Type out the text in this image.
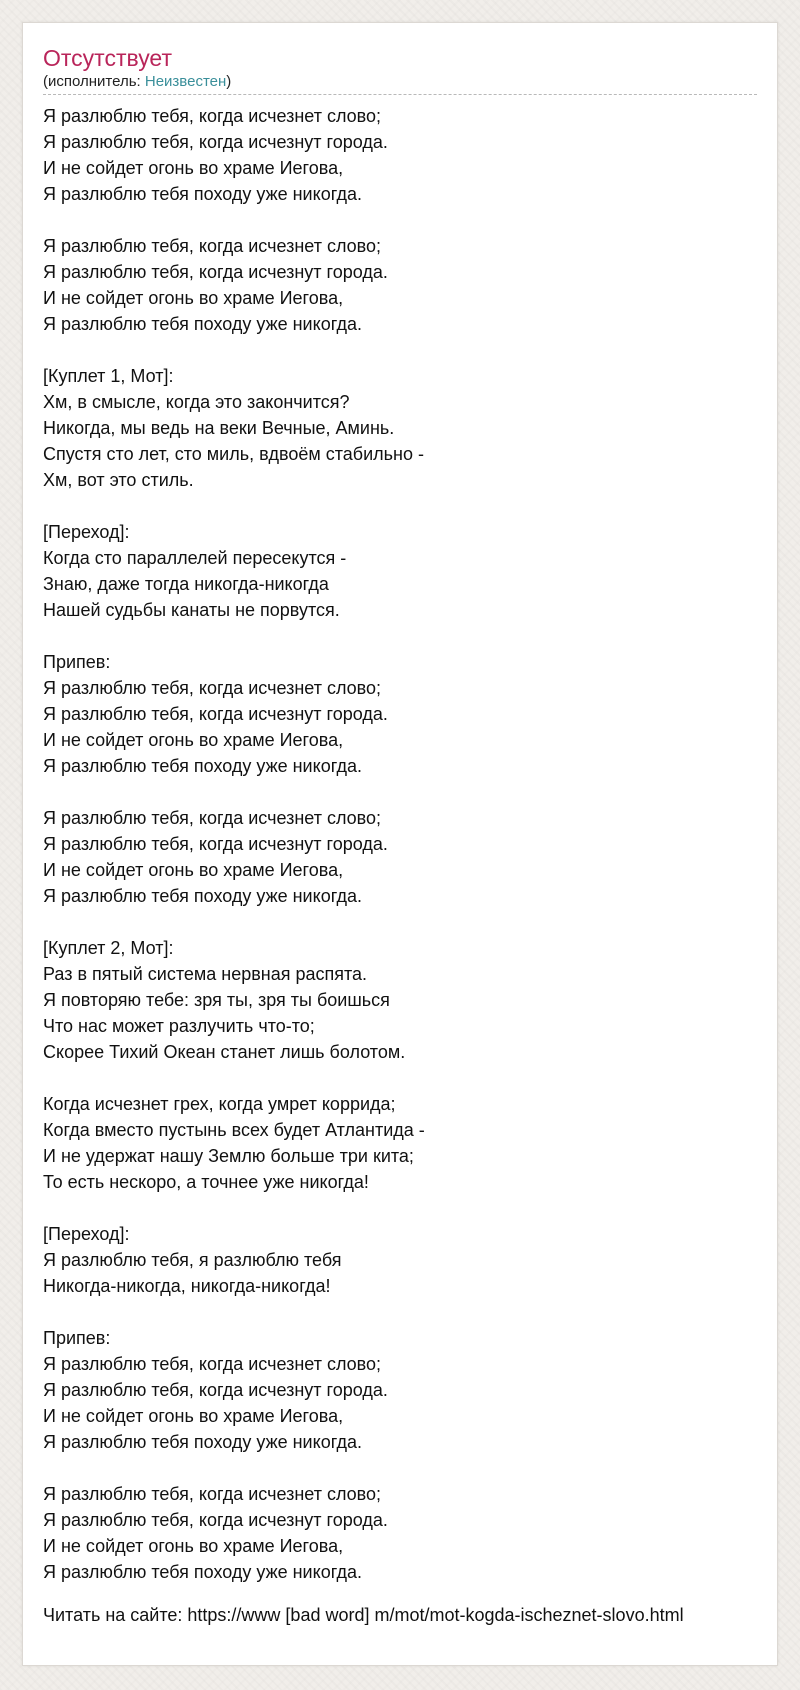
Отсутствует
(исполнитель: Неизвестен)
Я разлюблю тебя, когда исчезнет слово;
Я разлюблю тебя, когда исчезнут города.
И не сойдет огонь во храме Иегова,
Я разлюблю тебя походу уже никогда.
Я разлюблю тебя, когда исчезнет слово;
Я разлюблю тебя, когда исчезнут города.
И не сойдет огонь во храме Иегова,
Я разлюблю тебя походу уже никогда.
[Куплет 1, Мот]:
Хм, в смысле, когда это закончится?
Никогда, мы ведь на веки Вечные, Аминь.
Спустя сто лет, сто миль, вдвоём стабильно -
Хм, вот это стиль.
[Переход]:
Когда сто параллелей пересекутся -
Знаю, даже тогда никогда-никогда
Нашей судьбы канаты не порвутся.
Припев:
Я разлюблю тебя, когда исчезнет слово;
Я разлюблю тебя, когда исчезнут города.
И не сойдет огонь во храме Иегова,
Я разлюблю тебя походу уже никогда.
Я разлюблю тебя, когда исчезнет слово;
Я разлюблю тебя, когда исчезнут города.
И не сойдет огонь во храме Иегова,
Я разлюблю тебя походу уже никогда.
[Куплет 2, Мот]:
Раз в пятый система нервная распята.
Я повторяю тебе: зря ты, зря ты боишься
Что нас может разлучить что-то;
Скорее Тихий Океан станет лишь болотом.
Когда исчезнет грех, когда умрет коррида;
Когда вместо пустынь всех будет Атлантида -
И не удержат нашу Землю больше три кита;
То есть нескоро, а точнее уже никогда!
[Переход]:
Я разлюблю тебя, я разлюблю тебя
Никогда-никогда, никогда-никогда!
Припев:
Я разлюблю тебя, когда исчезнет слово;
Я разлюблю тебя, когда исчезнут города.
И не сойдет огонь во храме Иегова,
Я разлюблю тебя походу уже никогда.
Я разлюблю тебя, когда исчезнет слово;
Я разлюблю тебя, когда исчезнут города.
И не сойдет огонь во храме Иегова,
Я разлюблю тебя походу уже никогда.
Читать на сайте: https://www [bad word] m/mot/mot-kogda-ischeznet-slovo.html
